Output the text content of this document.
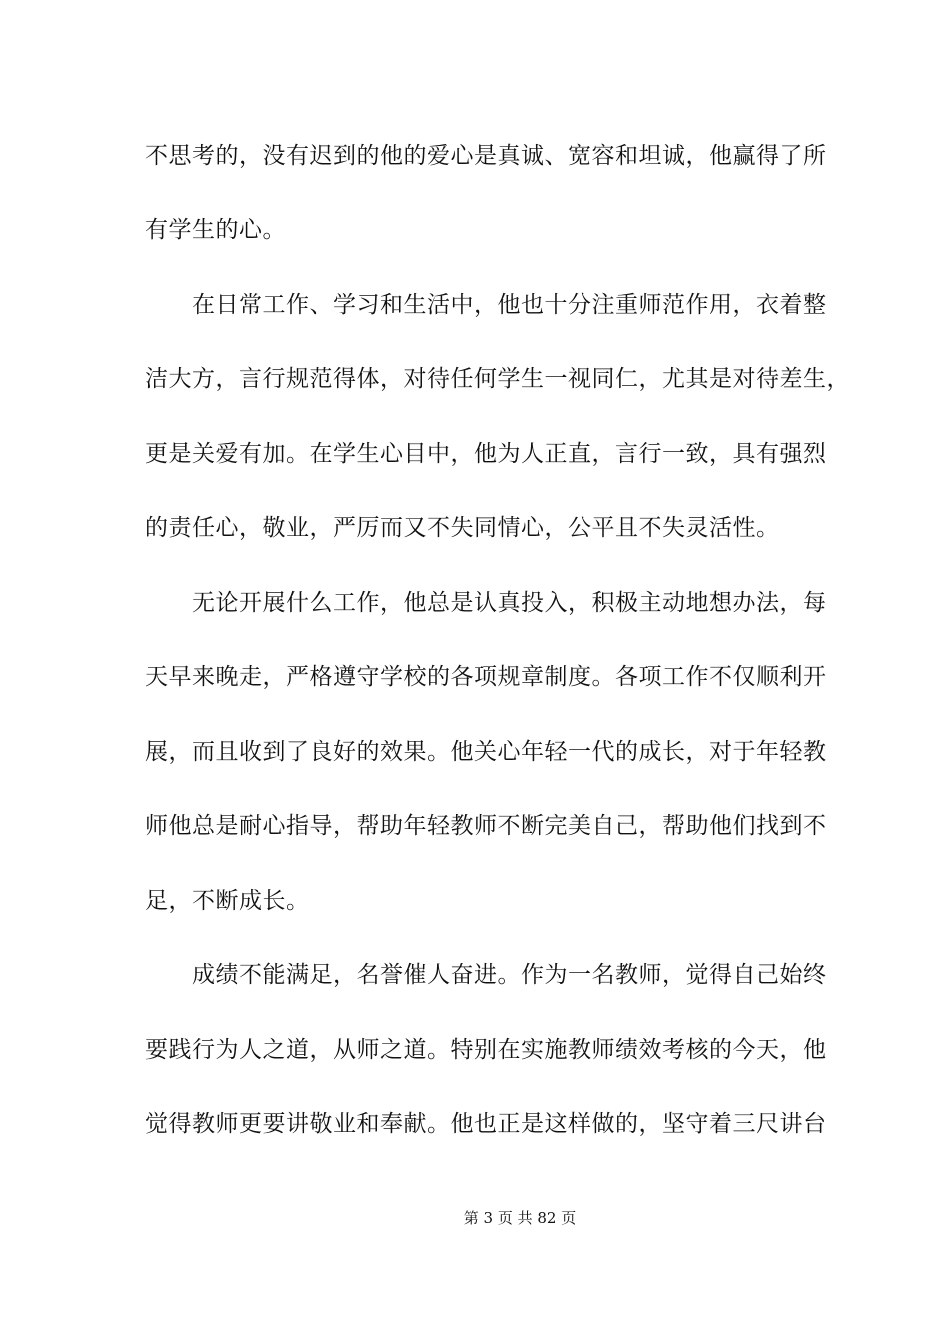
不思考的，没有迟到的他的爱心是真诚、宽容和坦诚，他赢得了所
有学生的心。
　　在日常工作、学习和生活中，他也十分注重师范作用，衣着整
洁大方，言行规范得体，对待任何学生一视同仁，尤其是对待差生，
更是关爱有加。在学生心目中，他为人正直，言行一致，具有强烈
的责任心，敬业，严厉而又不失同情心，公平且不失灵活性。
　　无论开展什么工作，他总是认真投入，积极主动地想办法，每
天早来晚走，严格遵守学校的各项规章制度。各项工作不仅顺利开
展，而且收到了良好的效果。他关心年轻一代的成长，对于年轻教
师他总是耐心指导，帮助年轻教师不断完美自己，帮助他们找到不
足，不断成长。
　　成绩不能满足，名誉催人奋进。作为一名教师，觉得自己始终
要践行为人之道，从师之道。特别在实施教师绩效考核的今天，他
觉得教师更要讲敬业和奉献。他也正是这样做的，坚守着三尺讲台
第 3 页 共 82 页
